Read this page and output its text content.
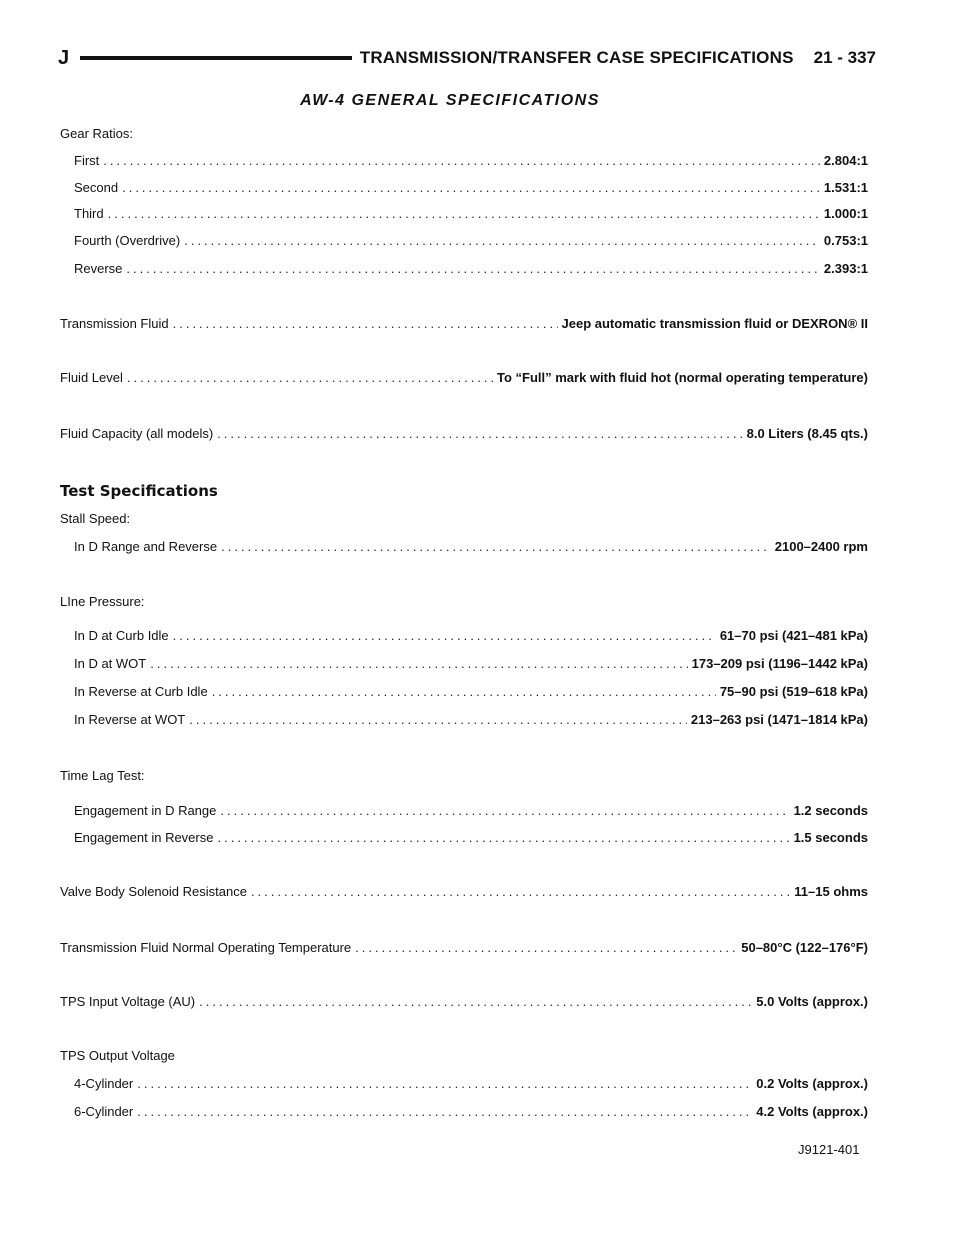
J	TRANSMISSION/TRANSFER CASE SPECIFICATIONS 21 - 337
AW-4 GENERAL SPECIFICATIONS
Gear Ratios:
First .....	2.804:1
Second .....	1.531:1
Third .....	1.000:1
Fourth (Overdrive) .....	0.753:1
Reverse .....	2.393:1
Transmission Fluid .....	Jeep automatic transmission fluid or DEXRON® II
Fluid Level .....	To “Full” mark with fluid hot (normal operating temperature)
Fluid Capacity (all models) .....	8.0 Liters (8.45 qts.)
Test Specifications
Stall Speed:
In D Range and Reverse .....	2100–2400 rpm
LIne Pressure:
In D at Curb Idle .....	61–70 psi (421–481 kPa)
In D at WOT .....	173–209 psi (1196–1442 kPa)
In Reverse at Curb Idle .....	75–90 psi (519–618 kPa)
In Reverse at WOT .....	213–263 psi (1471–1814 kPa)
Time Lag Test:
Engagement in D Range .....	1.2 seconds
Engagement in Reverse .....	1.5 seconds
Valve Body Solenoid Resistance .....	11–15 ohms
Transmission Fluid Normal Operating Temperature .....	50–80°C (122–176°F)
TPS Input Voltage (AU) .....	5.0 Volts (approx.)
TPS Output Voltage
4-Cylinder .....	0.2 Volts (approx.)
6-Cylinder .....	4.2 Volts (approx.)
J9121-401
